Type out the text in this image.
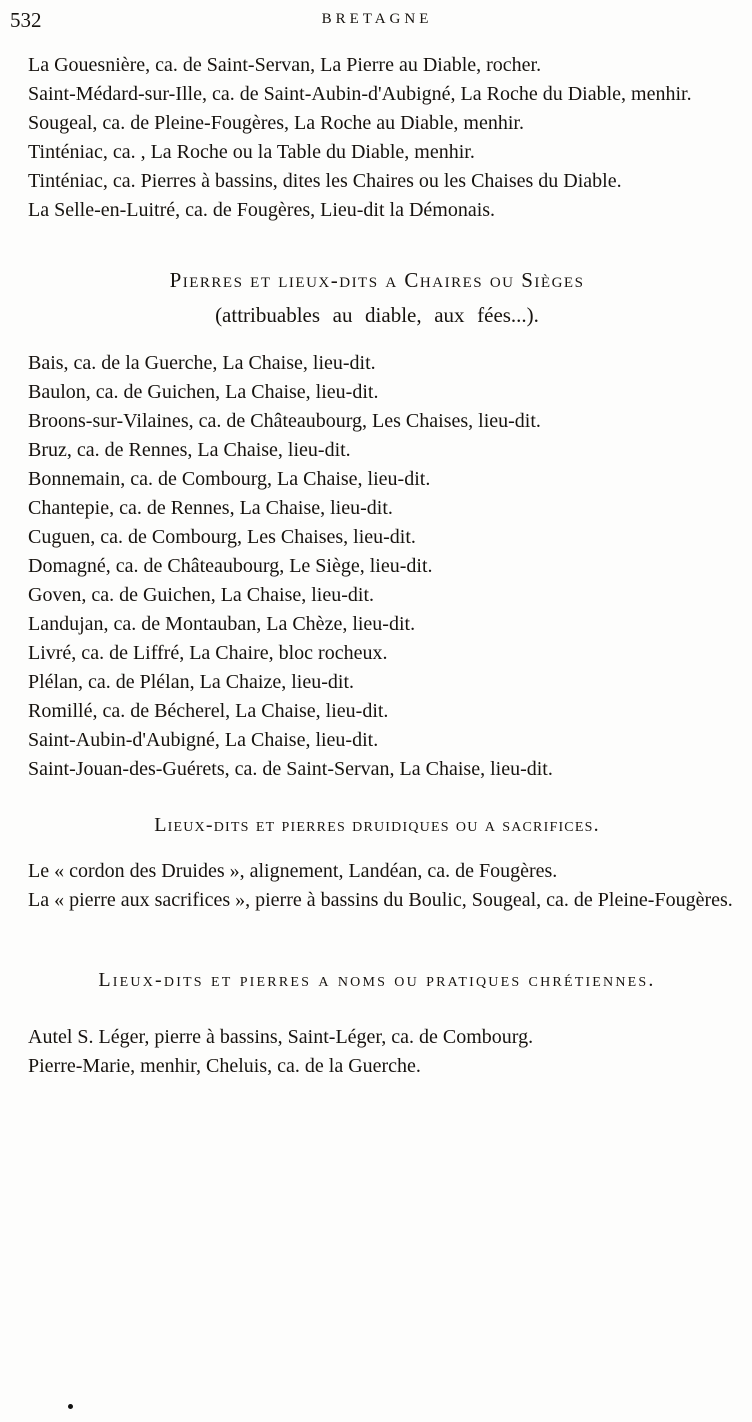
532	BRETAGNE

La Gouesnière, ca. de Saint-Servan, La Pierre au Diable, rocher.

Saint-Médard-sur-Ille, ca. de Saint-Aubin-d'Aubigné, La Roche du Diable, menhir.

Sougeal, ca. de Pleine-Fougères, La Roche au Diable, menhir.

Tinténiac, ca. , La Roche ou la Table du Diable, menhir.

Tinténiac, ca. Pierres à bassins, dites les Chaires ou les Chaises du Diable.

La Selle-en-Luitré, ca. de Fougères, Lieu-dit la Démonais.

Pierres et lieux-dits a Chaires ou Sièges

(attribuables au diable, aux fées...).

Bais, ca. de la Guerche, La Chaise, lieu-dit.

Baulon, ca. de Guichen, La Chaise, lieu-dit.

Broons-sur-Vilaines, ca. de Châteaubourg, Les Chaises, lieu-dit.

Bruz, ca. de Rennes, La Chaise, lieu-dit.

Bonnemain, ca. de Combourg, La Chaise, lieu-dit.

Chantepie, ca. de Rennes, La Chaise, lieu-dit.

Cuguen, ca. de Combourg, Les Chaises, lieu-dit.

Domagné, ca. de Châteaubourg, Le Siège, lieu-dit.

Goven, ca. de Guichen, La Chaise, lieu-dit.

Landujan, ca. de Montauban, La Chèze, lieu-dit.

Livré, ca. de Liffré, La Chaire, bloc rocheux.

Plélan, ca. de Plélan, La Chaize, lieu-dit.

Romillé, ca. de Bécherel, La Chaise, lieu-dit.

Saint-Aubin-d'Aubigné, La Chaise, lieu-dit.

Saint-Jouan-des-Guérets, ca. de Saint-Servan, La Chaise, lieu-dit.

Lieux-dits et pierres druidiques ou a sacrifices.

Le « cordon des Druides », alignement, Landéan, ca. de Fougères.

La « pierre aux sacrifices », pierre à bassins du Boulic, Sougeal, ca. de Pleine-Fougères.

Lieux-dits et pierres a noms ou pratiques chrétiennes.

Autel S. Léger, pierre à bassins, Saint-Léger, ca. de Combourg.

Pierre-Marie, menhir, Cheluis, ca. de la Guerche.
